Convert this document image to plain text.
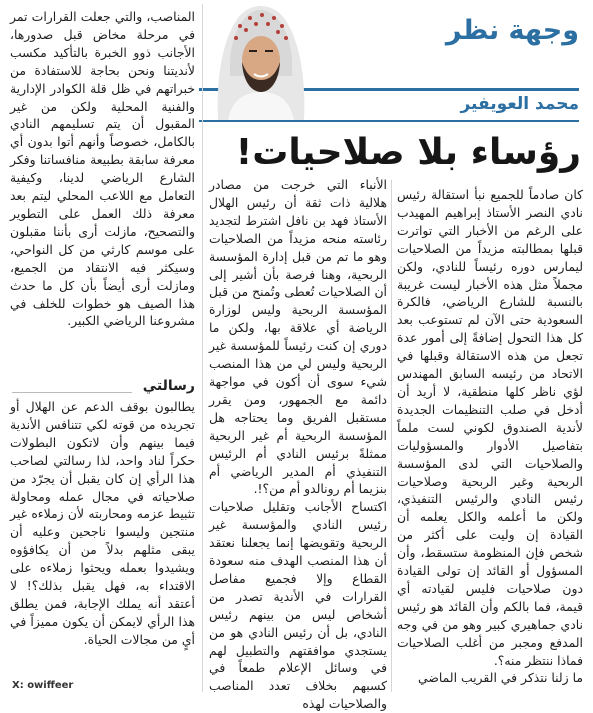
وجهة نظر
محمد العويفير
رؤساء بلا صلاحيات!
كان صادماً للجميع نبأ استقالة رئيس نادي النصر الأستاذ إبراهيم المهيدب على الرغم من الأخبار التي تواترت قبلها بمطالبته مزيداً من الصلاحيات ليمارس دوره رئيساً للنادي، ولكن مجملاً مثل هذه الأخبار ليست غريبة بالنسبة للشارع الرياضي، فالكرة السعودية حتى الآن لم تستوعب بعد كل هذا التحول إضافةً إلى أمور عدة تجعل من هذه الاستقالة وقبلها في الاتحاد من رئيسه السابق المهندس لؤي ناظر كلها منطقية، لا أريد أن أدخل في صلب التنظيمات الجديدة لأندية الصندوق لكوني لست ملماً بتفاصيل الأدوار والمسؤوليات والصلاحيات التي لدى المؤسسة الربحية وغير الربحية وصلاحيات رئيس النادي والرئيس التنفيذي، ولكن ما أعلمه والكل يعلمه أن القيادة إن وليت على أكثر من شخص فإن المنظومة ستسقط، وأن المسؤول أو القائد إن تولى القيادة دون صلاحيات فليس لقيادته أي قيمة، فما بالكم وأن القائد هو رئيس نادي جماهيري كبير وهو من في وجه المدفع ومجبر من أغلب الصلاحيات فماذا ننتظر منه؟.
ما زلنا نتذكر في القريب الماضي
الأنباء التي خرجت من مصادر هلالية ذات ثقة أن رئيس الهلال الأستاذ فهد بن نافل اشترط لتجديد رئاسته منحه مزيداً من الصلاحيات وهو ما تم من قبل إدارة المؤسسة الربحية، وهنا فرصة بأن أشير إلى أن الصلاحيات تُعطى وتُمنح من قبل المؤسسة الربحية وليس لوزارة الرياضة أي علاقة بها، ولكن ما دوري إن كنت رئيساً للمؤسسة غير الربحية وليس لي من هذا المنصب شيء سوى أن أكون في مواجهة دائمة مع الجمهور، ومن يقرر مستقبل الفريق وما يحتاجه هل المؤسسة الربحية أم غير الربحية ممثلةً برئيس النادي أم الرئيس التنفيذي أم المدير الرياضي أم بنزيما أم رونالدو أم من؟!.
اكتساح الأجانب وتقليل صلاحيات رئيس النادي والمؤسسة غير الربحية وتقويضها إنما يجعلنا نعتقد أن هذا المنصب الهدف منه سعودة القطاع وإلا فجميع مفاصل القرارات في الأندية تصدر من أشخاص ليس من بينهم رئيس النادي، بل أن رئيس النادي هو من يستجدي موافقتهم والتطبيل لهم في وسائل الإعلام طمعاً في كسبهم بخلاف تعدد المناصب والصلاحيات لهذه
المناصب، والتي جعلت القرارات تمر في مرحلة مخاض قبل صدورها، الأجانب ذوو الخبرة بالتأكيد مكسب لأنديتنا ونحن بحاجة للاستفادة من خبراتهم في ظل قلة الكوادر الإدارية والفنية المحلية ولكن من غير المقبول أن يتم تسليمهم النادي بالكامل، خصوصاً وأنهم أتوا بدون أي معرفة سابقة بطبيعة منافساتنا وفكر الشارع الرياضي لدينا، وكيفية التعامل مع اللاعب المحلي ليتم بعد معرفة ذلك العمل على التطوير والتصحيح، مازلت أرى بأننا مقبلون على موسم كارثي من كل النواحي، وسيكثر فيه الانتقاد من الجميع، ومازلت أرى أيضاً بأن كل ما حدث هذا الصيف هو خطوات للخلف في مشروعنا الرياضي الكبير.
رسالتي
يطالبون بوقف الدعم عن الهلال أو تجريده من قوته لكي تتنافس الأندية فيما بينهم وأن لاتكون البطولات حكراً لناد واحد، لذا رسالتي لصاحب هذا الرأي إن كان يقبل أن يجرّد من صلاحياته في مجال عمله ومحاولة تثبيط عزمه ومحاربته لأن زملاءه غير منتجين وليسوا ناجحين وعليه أن يبقى مثلهم بدلاً من أن يكافؤوه ويشيدوا بعمله ويحثوا زملاءه على الاقتداء به، فهل يقبل بذلك؟! لا أعتقد أنه يملك الإجابة، فمن يطلق هذا الرأي لايمكن أن يكون مميزاً في أيٍ من مجالات الحياة.
X: owiffeer
